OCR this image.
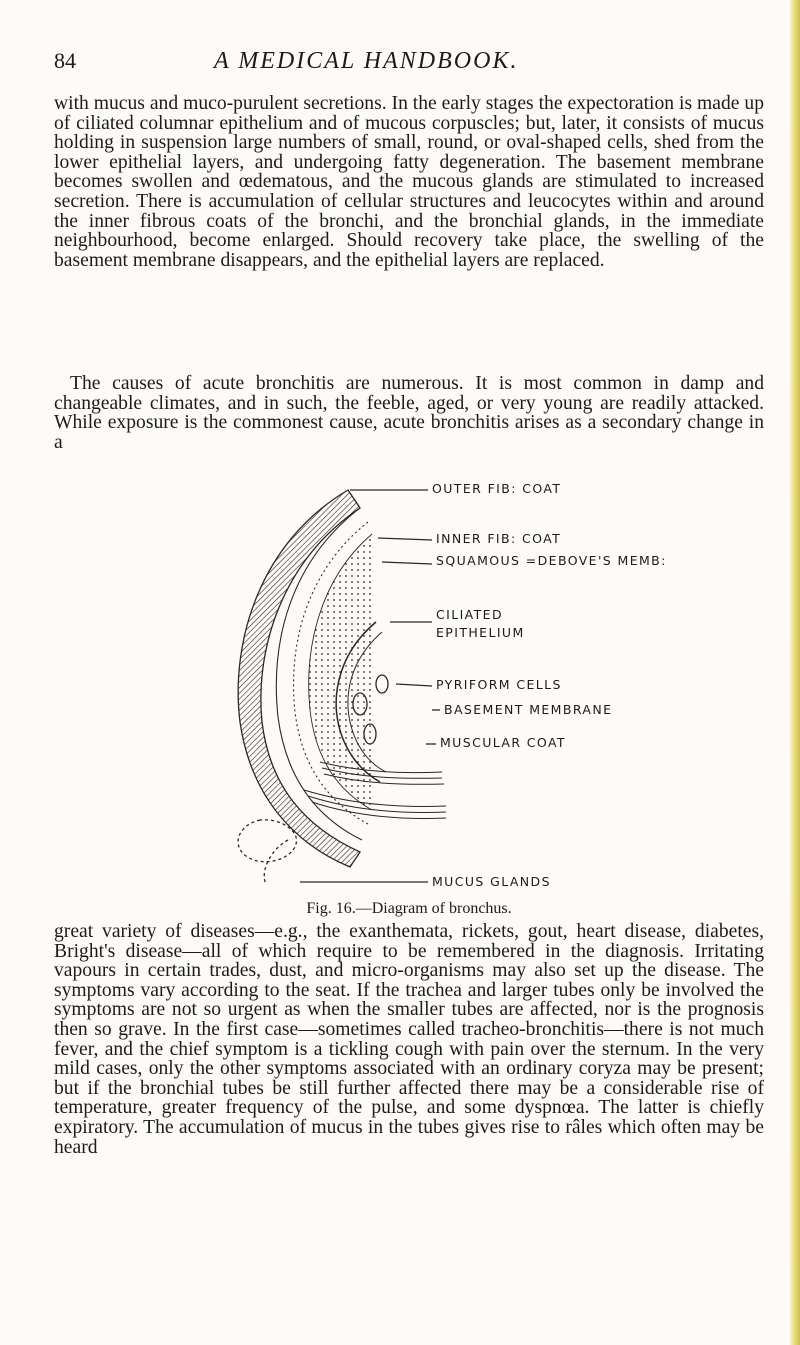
84	A MEDICAL HANDBOOK.

with mucus and muco-purulent secretions. In the early stages the expectoration is made up of ciliated columnar epithelium and of mucous corpuscles; but, later, it consists of mucus holding in suspension large numbers of small, round, or oval-shaped cells, shed from the lower epithelial layers, and undergoing fatty degeneration. The basement membrane becomes swollen and œdematous, and the mucous glands are stimulated to increased secretion. There is accumulation of cellular structures and leucocytes within and around the inner fibrous coats of the bronchi, and the bronchial glands, in the immediate neighbourhood, become enlarged. Should recovery take place, the swelling of the basement membrane disappears, and the epithelial layers are replaced.

The causes of acute bronchitis are numerous. It is most common in damp and changeable climates, and in such, the feeble, aged, or very young are readily attacked. While exposure is the commonest cause, acute bronchitis arises as a secondary change in a

OUTER FIB: COAT
INNER FIB: COAT
SQUAMOUS =DEBOVE'S MEMB:
CILIATED
EPITHELIUM
PYRIFORM CELLS
BASEMENT MEMBRANE
MUSCULAR COAT
MUCUS GLANDS
Fig. 16.—Diagram of bronchus.

great variety of diseases—e.g., the exanthemata, rickets, gout, heart disease, diabetes, Bright's disease—all of which require to be remembered in the diagnosis. Irritating vapours in certain trades, dust, and micro-organisms may also set up the disease. The symptoms vary according to the seat. If the trachea and larger tubes only be involved the symptoms are not so urgent as when the smaller tubes are affected, nor is the prognosis then so grave. In the first case—sometimes called tracheo-bronchitis—there is not much fever, and the chief symptom is a tickling cough with pain over the sternum. In the very mild cases, only the other symptoms associated with an ordinary coryza may be present; but if the bronchial tubes be still further affected there may be a considerable rise of temperature, greater frequency of the pulse, and some dyspnœa. The latter is chiefly expiratory. The accumulation of mucus in the tubes gives rise to râles which often may be heard
